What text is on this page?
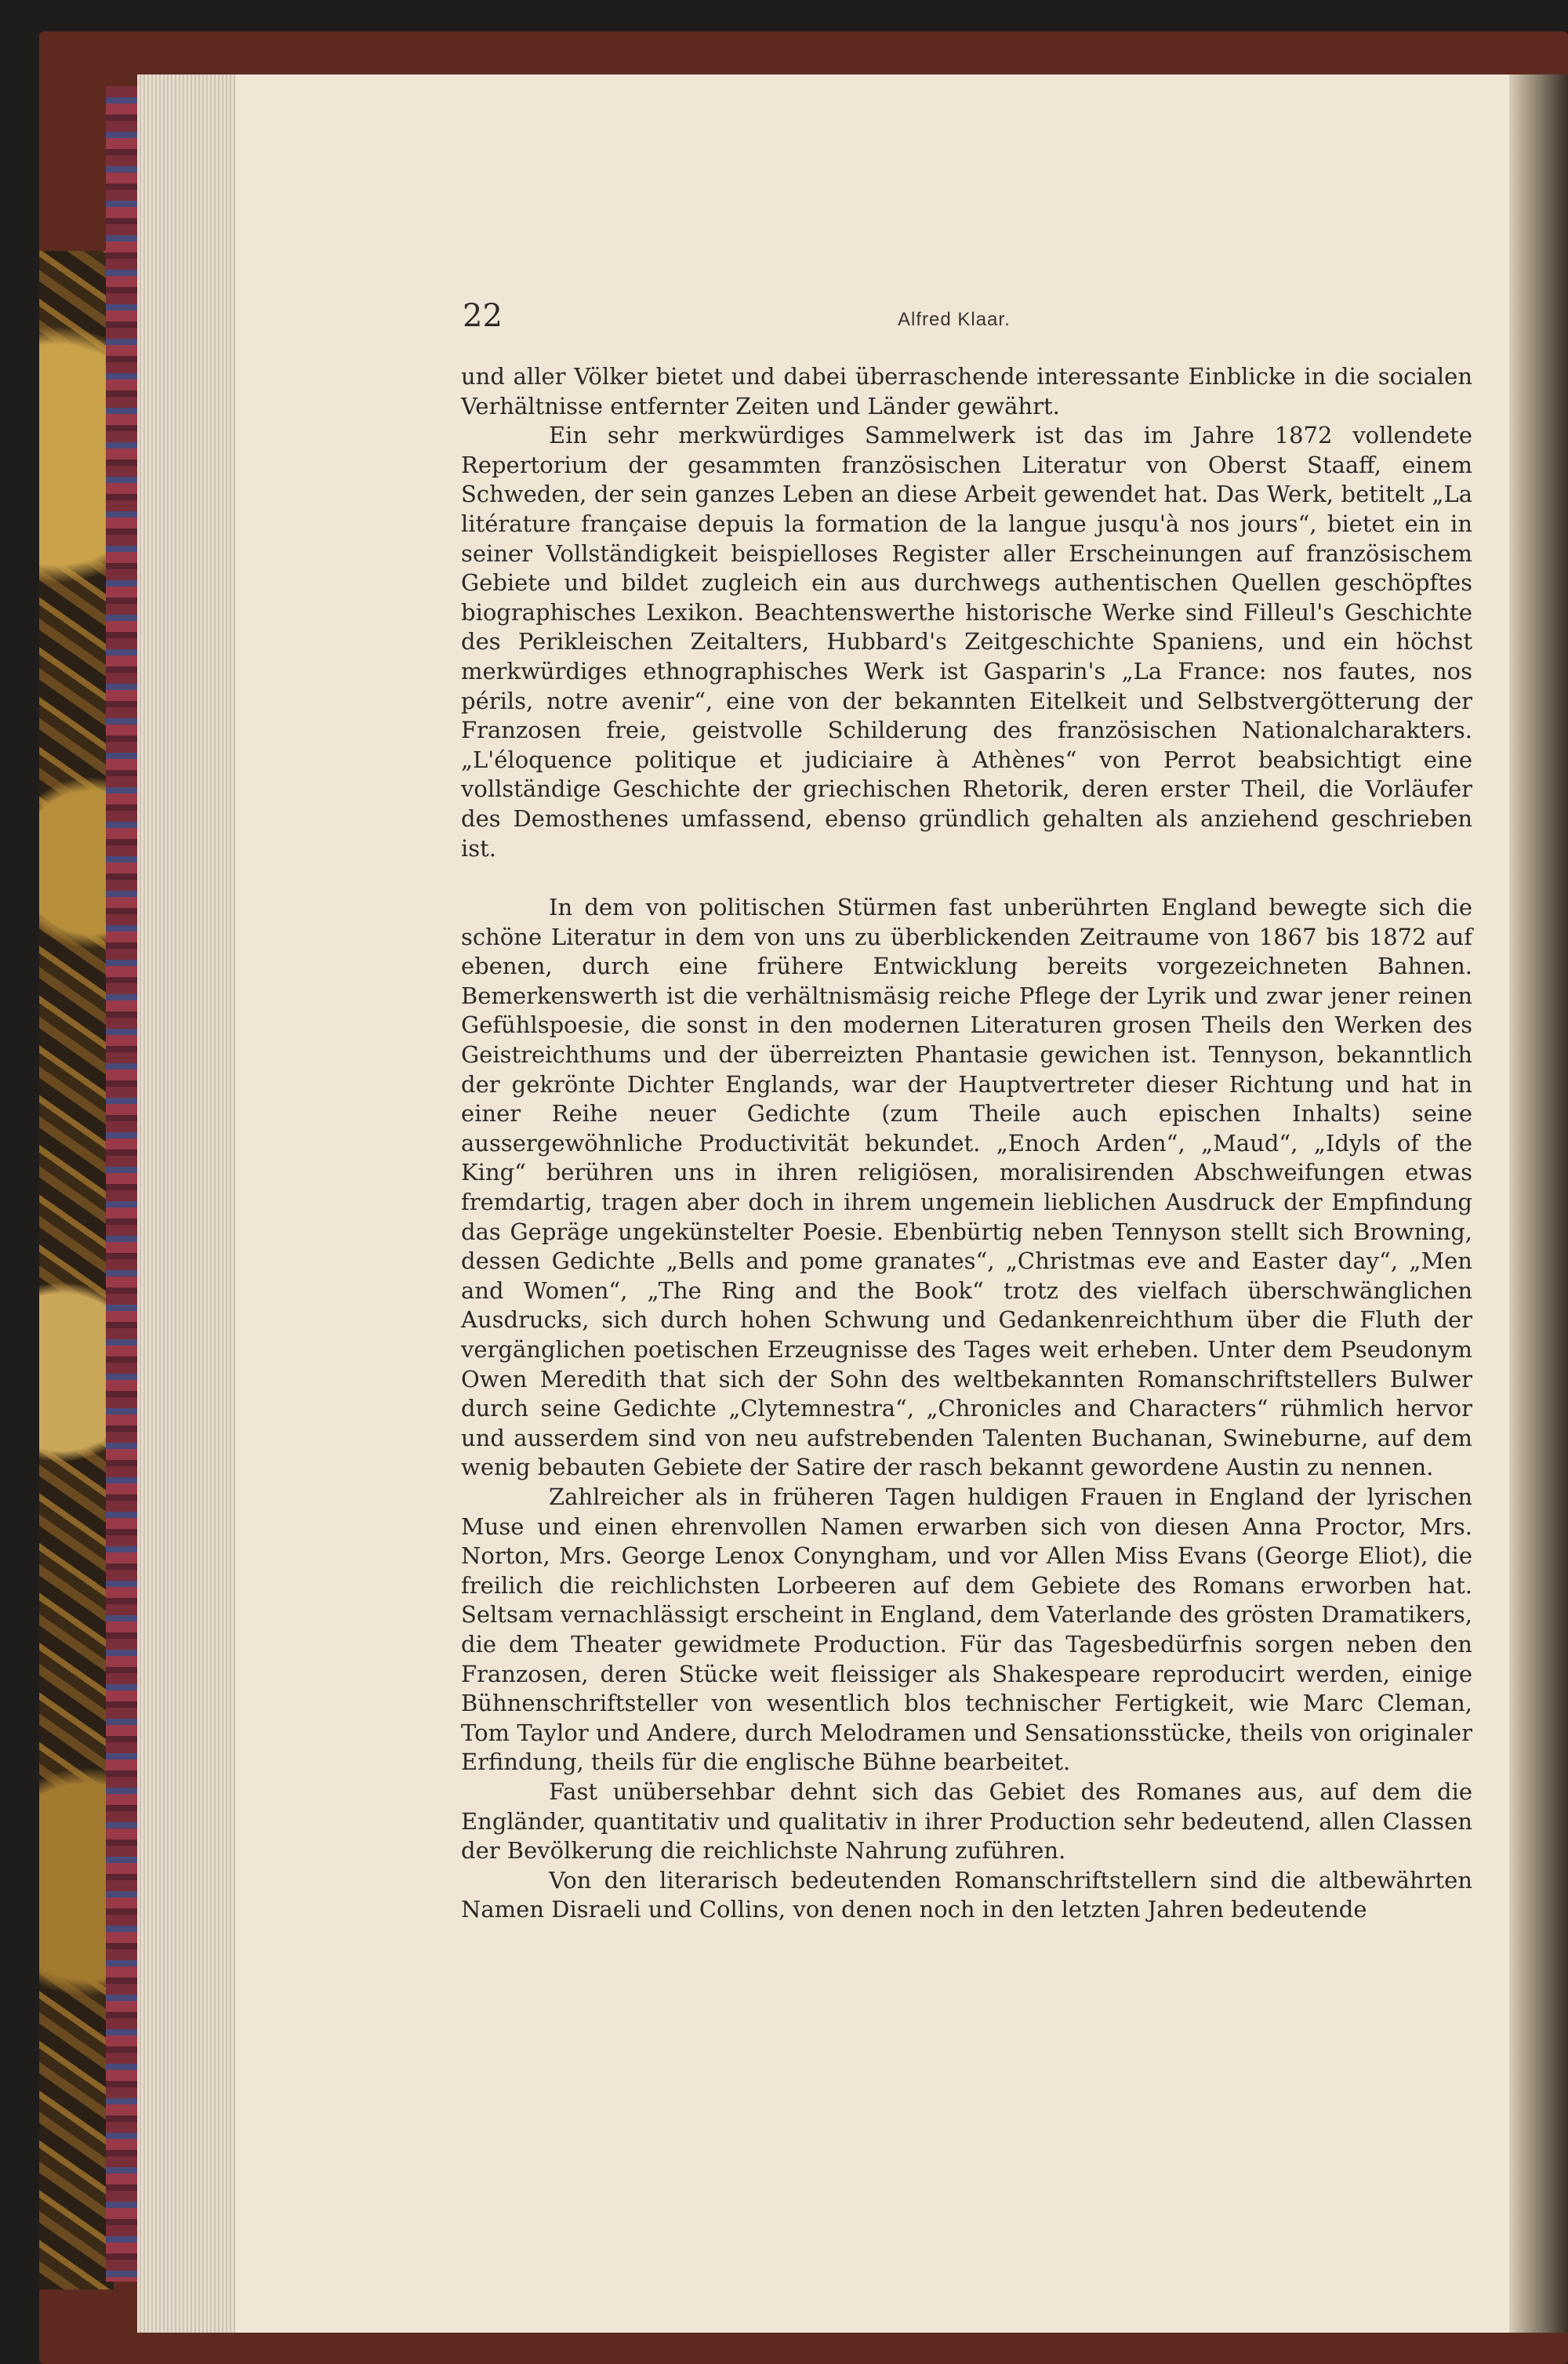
22	Alfred Klaar.

und aller Völker bietet und dabei überraschende interessante Einblicke in die socialen Verhältnisse entfernter Zeiten und Länder gewährt.

Ein sehr merkwürdiges Sammelwerk ist das im Jahre 1872 vollendete Repertorium der gesammten französischen Literatur von Oberst Staaff, einem Schweden, der sein ganzes Leben an diese Arbeit gewendet hat. Das Werk, betitelt „La litérature française depuis la formation de la langue jusqu'à nos jours“, bietet ein in seiner Vollständigkeit beispielloses Register aller Erscheinungen auf französischem Gebiete und bildet zugleich ein aus durchwegs authentischen Quellen geschöpftes biographisches Lexikon. Beachtenswerthe historische Werke sind Filleul's Geschichte des Perikleischen Zeitalters, Hubbard's Zeitgeschichte Spaniens, und ein höchst merkwürdiges ethnographisches Werk ist Gasparin's „La France: nos fautes, nos périls, notre avenir“, eine von der bekannten Eitelkeit und Selbstvergötterung der Franzosen freie, geistvolle Schilderung des französischen Nationalcharakters. „L'éloquence politique et judiciaire à Athènes“ von Perrot beabsichtigt eine vollständige Geschichte der griechischen Rhetorik, deren erster Theil, die Vorläufer des Demosthenes umfassend, ebenso gründlich gehalten als anziehend geschrieben ist.

In dem von politischen Stürmen fast unberührten England bewegte sich die schöne Literatur in dem von uns zu überblickenden Zeitraume von 1867 bis 1872 auf ebenen, durch eine frühere Entwicklung bereits vorgezeichneten Bahnen. Bemerkenswerth ist die verhältnismäsig reiche Pflege der Lyrik und zwar jener reinen Gefühlspoesie, die sonst in den modernen Literaturen grosen Theils den Werken des Geistreichthums und der überreizten Phantasie gewichen ist. Tennyson, bekanntlich der gekrönte Dichter Englands, war der Hauptvertreter dieser Richtung und hat in einer Reihe neuer Gedichte (zum Theile auch epischen Inhalts) seine aussergewöhnliche Productivität bekundet. „Enoch Arden“, „Maud“, „Idyls of the King“ berühren uns in ihren religiösen, moralisirenden Abschweifungen etwas fremdartig, tragen aber doch in ihrem ungemein lieblichen Ausdruck der Empfindung das Gepräge ungekünstelter Poesie. Ebenbürtig neben Tennyson stellt sich Browning, dessen Gedichte „Bells and pome granates“, „Christmas eve and Easter day“, „Men and Women“, „The Ring and the Book“ trotz des vielfach überschwänglichen Ausdrucks, sich durch hohen Schwung und Gedankenreichthum über die Fluth der vergänglichen poetischen Erzeugnisse des Tages weit erheben. Unter dem Pseudonym Owen Meredith that sich der Sohn des weltbekannten Romanschriftstellers Bulwer durch seine Gedichte „Clytemnestra“, „Chronicles and Characters“ rühmlich hervor und ausserdem sind von neu aufstrebenden Talenten Buchanan, Swineburne, auf dem wenig bebauten Gebiete der Satire der rasch bekannt gewordene Austin zu nennen.

Zahlreicher als in früheren Tagen huldigen Frauen in England der lyrischen Muse und einen ehrenvollen Namen erwarben sich von diesen Anna Proctor, Mrs. Norton, Mrs. George Lenox Conyngham, und vor Allen Miss Evans (George Eliot), die freilich die reichlichsten Lorbeeren auf dem Gebiete des Romans erworben hat. Seltsam vernachlässigt erscheint in England, dem Vaterlande des grösten Dramatikers, die dem Theater gewidmete Production. Für das Tagesbedürfnis sorgen neben den Franzosen, deren Stücke weit fleissiger als Shakespeare reproducirt werden, einige Bühnenschriftsteller von wesentlich blos technischer Fertigkeit, wie Marc Cleman, Tom Taylor und Andere, durch Melodramen und Sensationsstücke, theils von originaler Erfindung, theils für die englische Bühne bearbeitet.

Fast unübersehbar dehnt sich das Gebiet des Romanes aus, auf dem die Engländer, quantitativ und qualitativ in ihrer Production sehr bedeutend, allen Classen der Bevölkerung die reichlichste Nahrung zuführen.

Von den literarisch bedeutenden Romanschriftstellern sind die altbewährten Namen Disraeli und Collins, von denen noch in den letzten Jahren bedeutende
